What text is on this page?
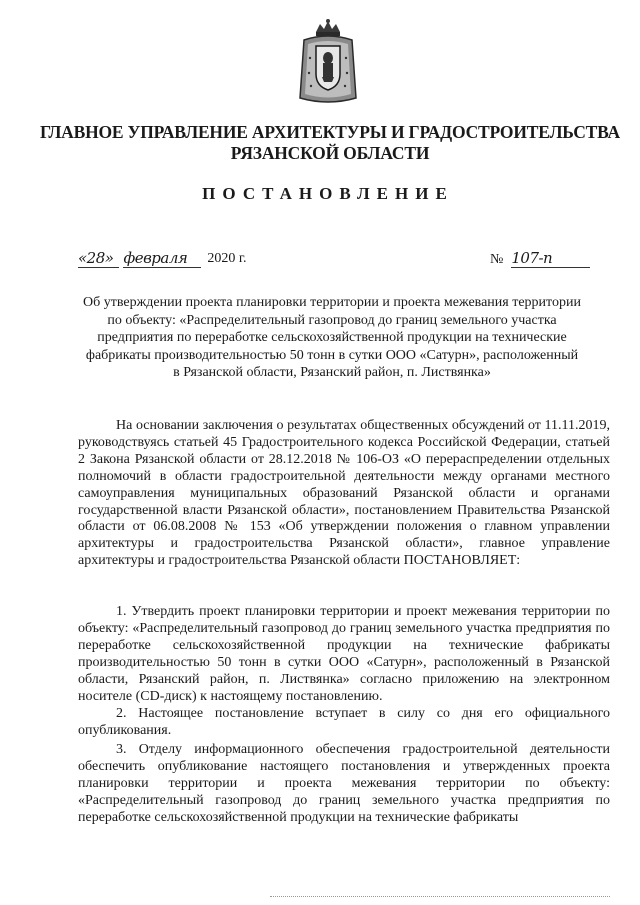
ГЛАВНОЕ УПРАВЛЕНИЕ АРХИТЕКТУРЫ И ГРАДОСТРОИТЕЛЬСТВА
РЯЗАНСКОЙ ОБЛАСТИ
ПОСТАНОВЛЕНИЕ
«28» февраля	2020 г.	№ 107-п
Об утверждении проекта планировки территории и проекта межевания территории по объекту: «Распределительный газопровод до границ земельного участка предприятия по переработке сельскохозяйственной продукции на технические фабрикаты производительностью 50 тонн в сутки ООО «Сатурн», расположенный в Рязанской области, Рязанский район, п. Листвянка»
На основании заключения о результатах общественных обсуждений от 11.11.2019, руководствуясь статьей 45 Градостроительного кодекса Российской Федерации, статьей 2 Закона Рязанской области от 28.12.2018 № 106-ОЗ «О перераспределении отдельных полномочий в области градостроительной деятельности между органами местного самоуправления муниципальных образований Рязанской области и органами государственной власти Рязанской области», постановлением Правительства Рязанской области от 06.08.2008 № 153 «Об утверждении положения о главном управлении архитектуры и градостроительства Рязанской области», главное управление архитектуры и градостроительства Рязанской области ПОСТАНОВЛЯЕТ:
1. Утвердить проект планировки территории и проект межевания территории по объекту: «Распределительный газопровод до границ земельного участка предприятия по переработке сельскохозяйственной продукции на технические фабрикаты производительностью 50 тонн в сутки ООО «Сатурн», расположенный в Рязанской области, Рязанский район, п. Листвянка» согласно приложению на электронном носителе (CD-диск) к настоящему постановлению.
2. Настоящее постановление вступает в силу со дня его официального опубликования.
3. Отделу информационного обеспечения градостроительной деятельности обеспечить опубликование настоящего постановления и утвержденных проекта планировки территории и проекта межевания территории по объекту: «Распределительный газопровод до границ земельного участка предприятия по переработке сельскохозяйственной продукции на технические фабрикаты
